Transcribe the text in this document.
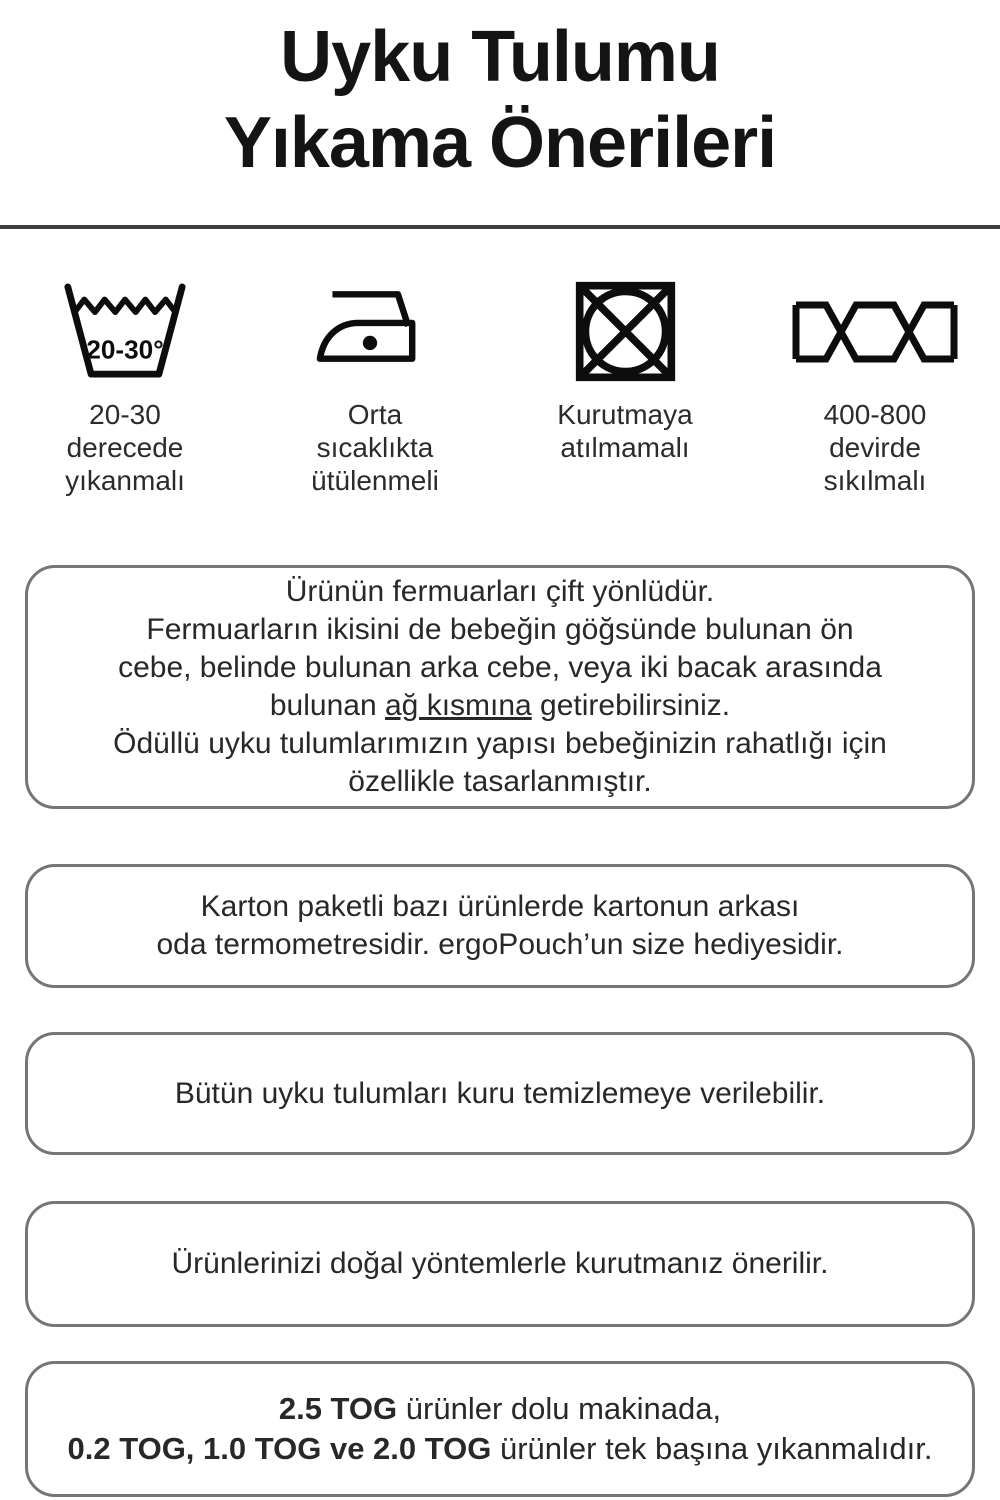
Uyku Tulumu
Yıkama Önerileri
20-30°
20-30
derecede
yıkanmalı
Orta
sıcaklıkta
ütülenmeli
Kurutmaya
atılmamalı
400-800
devirde
sıkılmalı
Ürünün fermuarları çift yönlüdür.
Fermuarların ikisini de bebeğin göğsünde bulunan ön
cebe, belinde bulunan arka cebe, veya iki bacak arasında
bulunan ağ kısmına getirebilirsiniz.
Ödüllü uyku tulumlarımızın yapısı bebeğinizin rahatlığı için
özellikle tasarlanmıştır.
Karton paketli bazı ürünlerde kartonun arkası
oda termometresidir. ergoPouch’un size hediyesidir.
Bütün uyku tulumları kuru temizlemeye verilebilir.
Ürünlerinizi doğal yöntemlerle kurutmanız önerilir.
2.5 TOG ürünler dolu makinada,
0.2 TOG, 1.0 TOG ve 2.0 TOG ürünler tek başına yıkanmalıdır.
